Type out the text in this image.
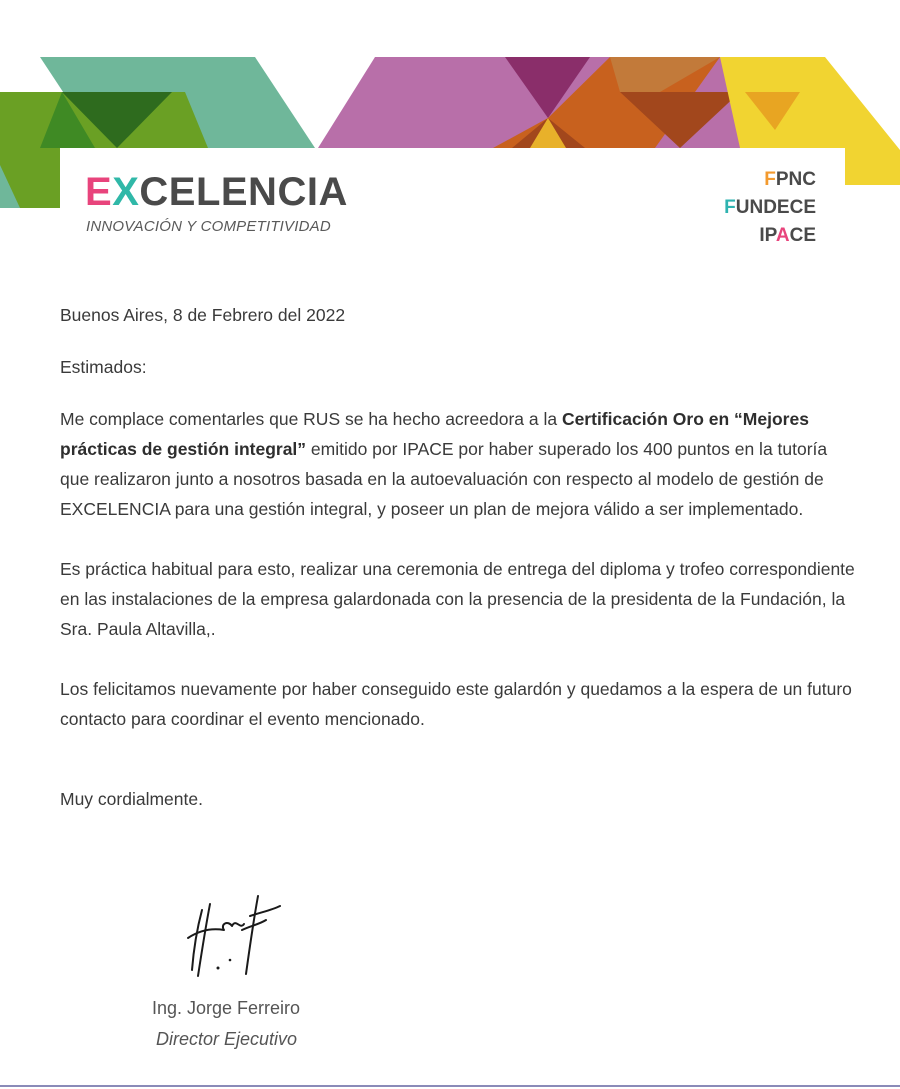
EXCELENCIA
INNOVACIÓN Y COMPETITIVIDAD
FPNC
FUNDECE
IPACE

Buenos Aires, 8 de Febrero del 2022

Estimados:

Me complace comentarles que RUS se ha hecho acreedora a la Certificación Oro en “Mejores prácticas de gestión integral” emitido por IPACE por haber superado los 400 puntos en la tutoría que realizaron junto a nosotros basada en la autoevaluación con respecto al modelo de gestión de EXCELENCIA para una gestión integral, y poseer un plan de mejora válido a ser implementado.

Es práctica habitual para esto, realizar una ceremonia de entrega del diploma y trofeo correspondiente en las instalaciones de la empresa galardonada con la presencia de la presidenta de la Fundación, la Sra. Paula Altavilla,.

Los felicitamos nuevamente por haber conseguido este galardón y quedamos a la espera de un futuro contacto para coordinar el evento mencionado.

Muy cordialmente.

Ing. Jorge Ferreiro
Director Ejecutivo
